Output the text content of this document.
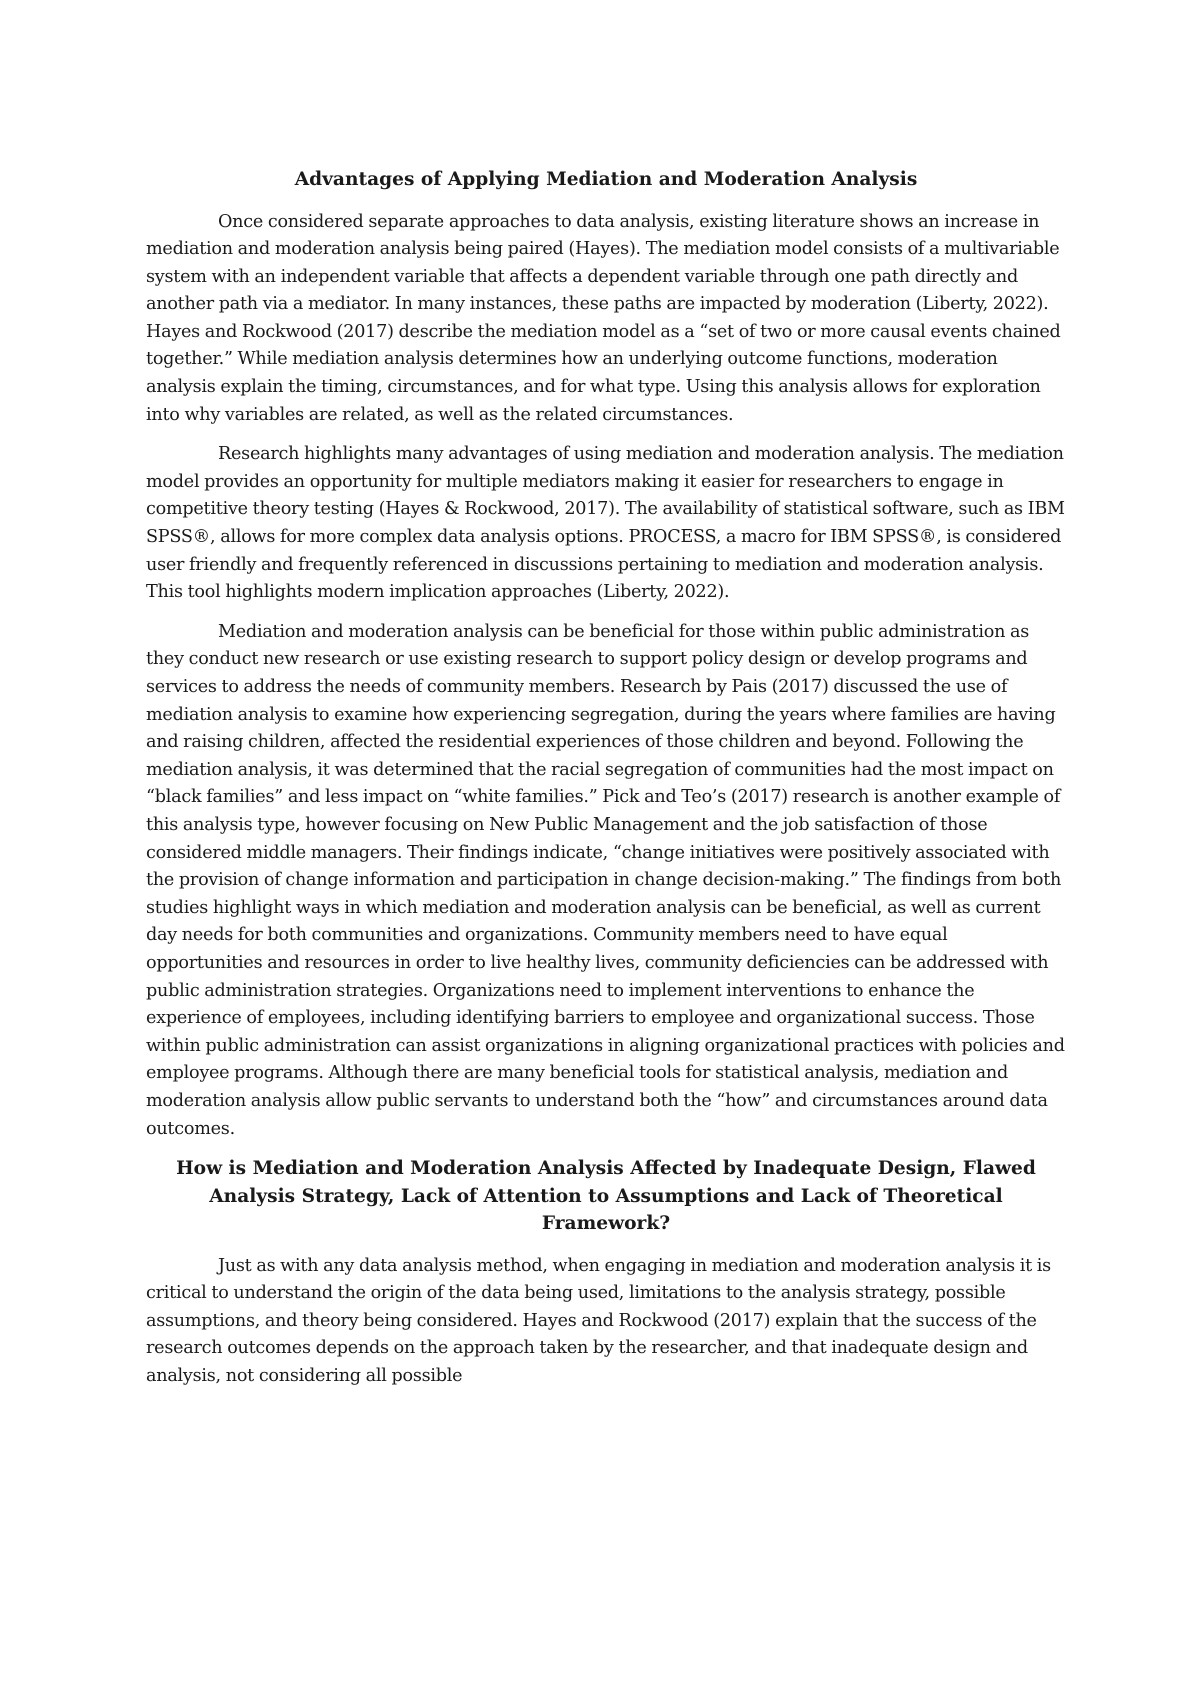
Advantages of Applying Mediation and Moderation Analysis

Once considered separate approaches to data analysis, existing literature shows an increase in mediation and moderation analysis being paired (Hayes). The mediation model consists of a multivariable system with an independent variable that affects a dependent variable through one path directly and another path via a mediator. In many instances, these paths are impacted by moderation (Liberty, 2022). Hayes and Rockwood (2017) describe the mediation model as a “set of two or more causal events chained together.” While mediation analysis determines how an underlying outcome functions, moderation analysis explain the timing, circumstances, and for what type. Using this analysis allows for exploration into why variables are related, as well as the related circumstances.

Research highlights many advantages of using mediation and moderation analysis. The mediation model provides an opportunity for multiple mediators making it easier for researchers to engage in competitive theory testing (Hayes & Rockwood, 2017). The availability of statistical software, such as IBM SPSS®, allows for more complex data analysis options. PROCESS, a macro for IBM SPSS®, is considered user friendly and frequently referenced in discussions pertaining to mediation and moderation analysis. This tool highlights modern implication approaches (Liberty, 2022).

Mediation and moderation analysis can be beneficial for those within public administration as they conduct new research or use existing research to support policy design or develop programs and services to address the needs of community members. Research by Pais (2017) discussed the use of mediation analysis to examine how experiencing segregation, during the years where families are having and raising children, affected the residential experiences of those children and beyond. Following the mediation analysis, it was determined that the racial segregation of communities had the most impact on “black families” and less impact on “white families.” Pick and Teo’s (2017) research is another example of this analysis type, however focusing on New Public Management and the job satisfaction of those considered middle managers. Their findings indicate, “change initiatives were positively associated with the provision of change information and participation in change decision-making.” The findings from both studies highlight ways in which mediation and moderation analysis can be beneficial, as well as current day needs for both communities and organizations. Community members need to have equal opportunities and resources in order to live healthy lives, community deficiencies can be addressed with public administration strategies. Organizations need to implement interventions to enhance the experience of employees, including identifying barriers to employee and organizational success. Those within public administration can assist organizations in aligning organizational practices with policies and employee programs. Although there are many beneficial tools for statistical analysis, mediation and moderation analysis allow public servants to understand both the “how” and circumstances around data outcomes.

How is Mediation and Moderation Analysis Affected by Inadequate Design, Flawed Analysis Strategy, Lack of Attention to Assumptions and Lack of Theoretical Framework?

Just as with any data analysis method, when engaging in mediation and moderation analysis it is critical to understand the origin of the data being used, limitations to the analysis strategy, possible assumptions, and theory being considered. Hayes and Rockwood (2017) explain that the success of the research outcomes depends on the approach taken by the researcher, and that inadequate design and analysis, not considering all possible
